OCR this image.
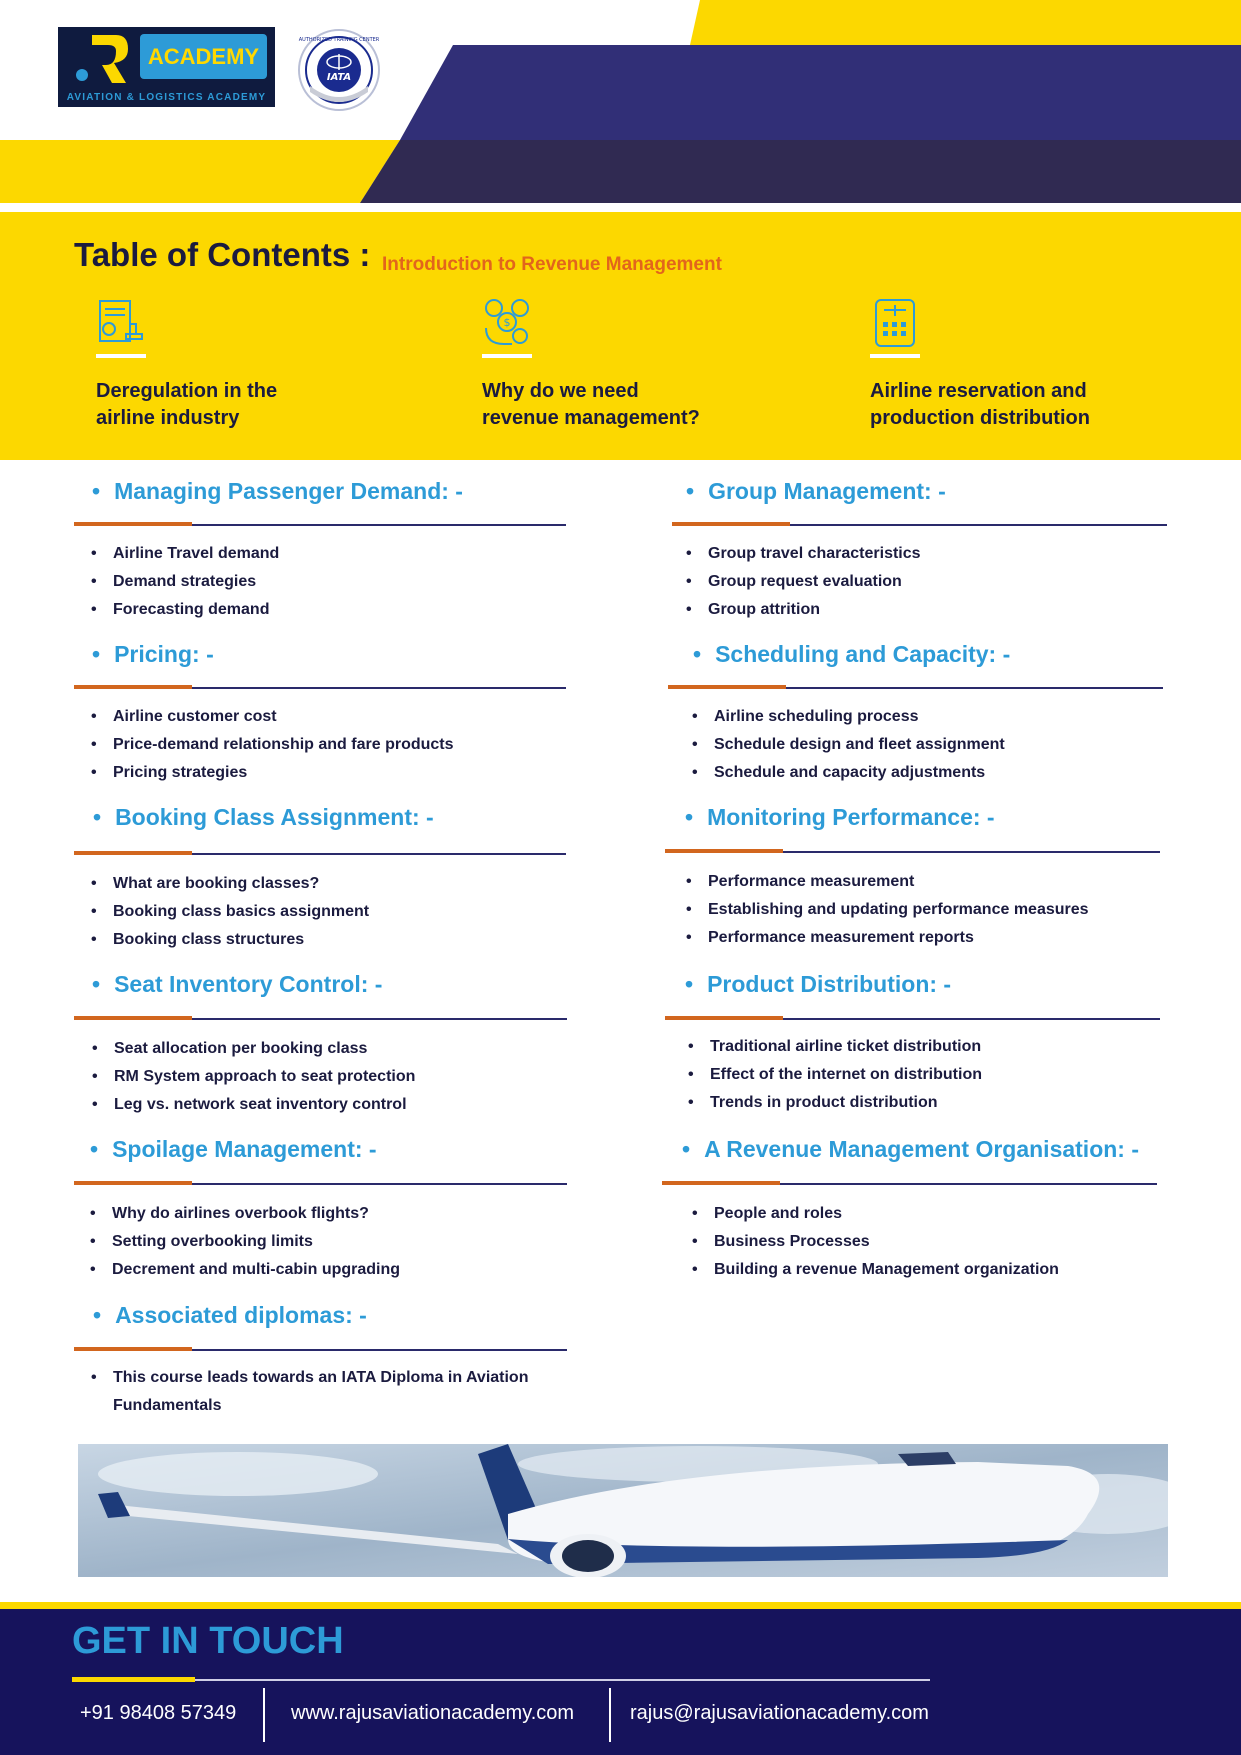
ACADEMY
AVIATION & LOGISTICS ACADEMY
IATA
AUTHORIZED TRAINING CENTER
Table of Contents : Introduction to Revenue Management
Deregulation in the
airline industry
$
Why do we need
revenue management?
Airline reservation and
production distribution
• Managing Passenger Demand: -
• Airline Travel demand
• Demand strategies
• Forecasting demand
• Pricing: -
• Airline customer cost
• Price-demand relationship and fare products
• Pricing strategies
• Booking Class Assignment: -
• What are booking classes?
• Booking class basics assignment
• Booking class structures
• Seat Inventory Control: -
• Seat allocation per booking class
• RM System approach to seat protection
• Leg vs. network seat inventory control
• Spoilage Management: -
• Why do airlines overbook flights?
• Setting overbooking limits
• Decrement and multi-cabin upgrading
• Associated diplomas: -
• This course leads towards an IATA Diploma in Aviation Fundamentals
• Group Management: -
• Group travel characteristics
• Group request evaluation
• Group attrition
• Scheduling and Capacity: -
• Airline scheduling process
• Schedule design and fleet assignment
• Schedule and capacity adjustments
• Monitoring Performance: -
• Performance measurement
• Establishing and updating performance measures
• Performance measurement reports
• Product Distribution: -
• Traditional airline ticket distribution
• Effect of the internet on distribution
• Trends in product distribution
• A Revenue Management Organisation: -
• People and roles
• Business Processes
• Building a revenue Management organization
GET IN TOUCH
+91 98408 57349	www.rajusaviationacademy.com	rajus@rajusaviationacademy.com
